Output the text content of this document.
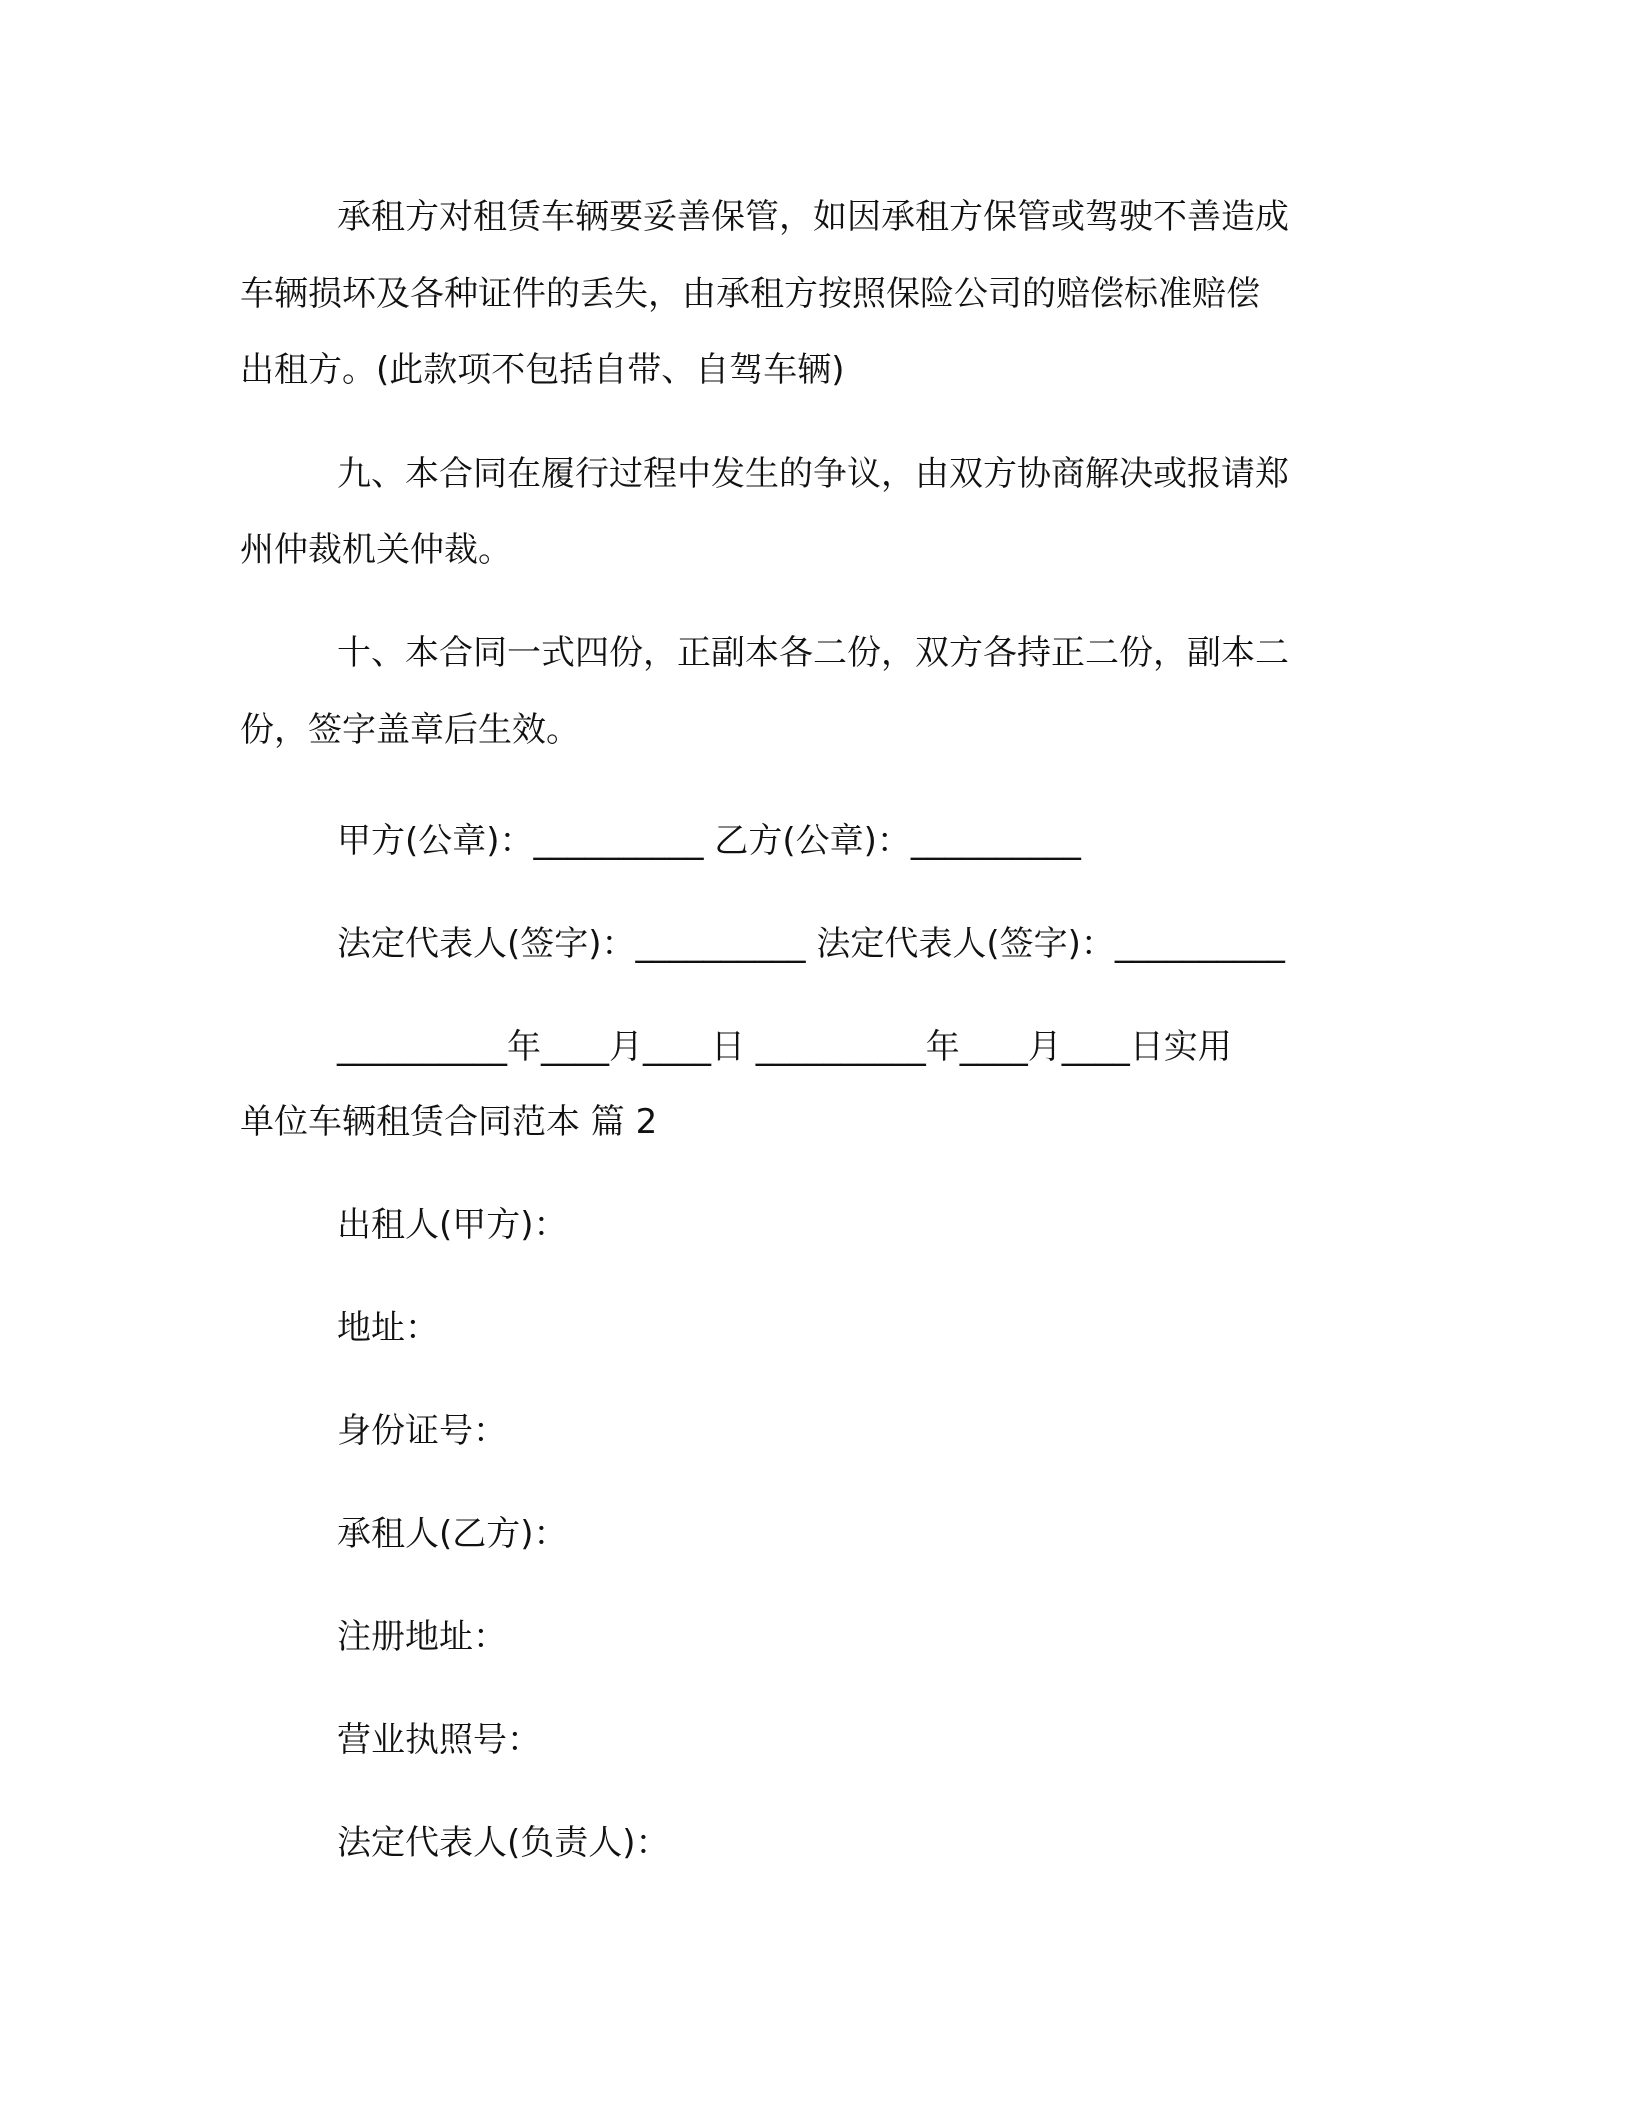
承租方对租赁车辆要妥善保管，如因承租方保管或驾驶不善造成
车辆损坏及各种证件的丢失，由承租方按照保险公司的赔偿标准赔偿
出租方。(此款项不包括自带、自驾车辆)
九、本合同在履行过程中发生的争议，由双方协商解决或报请郑
州仲裁机关仲裁。
十、本合同一式四份，正副本各二份，双方各持正二份，副本二
份，签字盖章后生效。
甲方(公章)：__________ 乙方(公章)：__________
法定代表人(签字)：__________ 法定代表人(签字)：__________
__________年____月____日 __________年____月____日实用
单位车辆租赁合同范本 篇 2
出租人(甲方)：
地址：
身份证号：
承租人(乙方)：
注册地址：
营业执照号：
法定代表人(负责人)：
